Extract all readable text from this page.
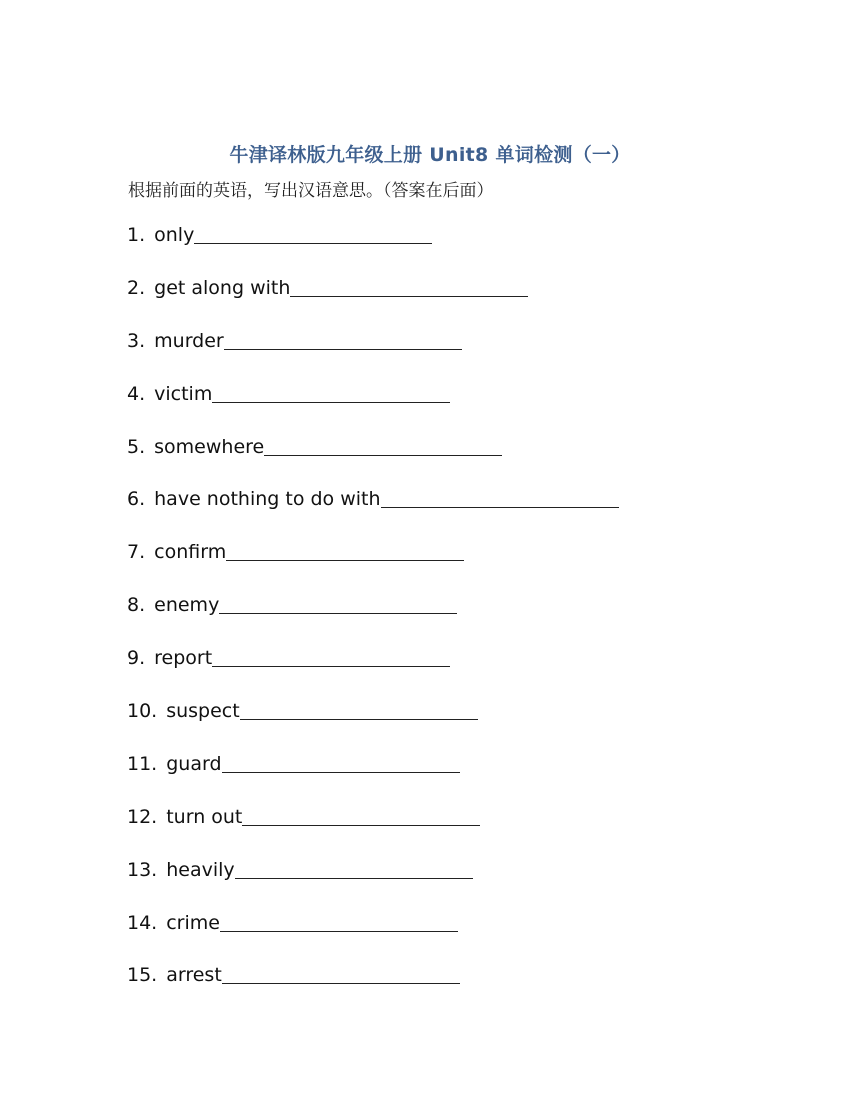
牛津译林版九年级上册 Unit8 单词检测（一）
根据前面的英语，写出汉语意思。（答案在后面）
1. only
2. get along with
3. murder
4. victim
5. somewhere
6. have nothing to do with
7. confirm
8. enemy
9. report
10. suspect
11. guard
12. turn out
13. heavily
14. crime
15. arrest
